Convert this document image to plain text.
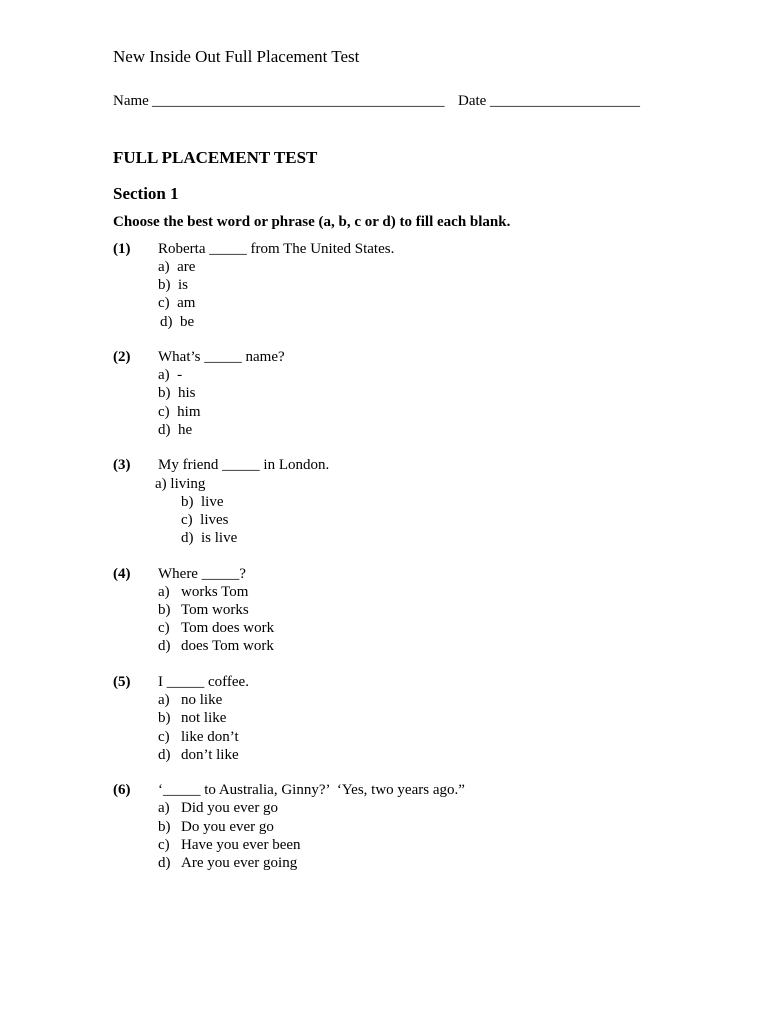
New Inside Out Full Placement Test
Name _______________________________________ Date ____________________
FULL PLACEMENT TEST
Section 1
Choose the best word or phrase (a, b, c or d) to fill each blank.
(1) Roberta _____ from The United States.
a)  are
b)  is
c)  am
d)  be
(2) What’s _____ name?
a)  -
b)  his
c)  him
d)  he
(3) My friend _____ in London.
a) living
b)  live
c)  lives
d)  is live
(4) Where _____?
a) works Tom
b) Tom works
c) Tom does work
d) does Tom work
(5) I _____ coffee.
a) no like
b) not like
c) like don’t
d) don’t like
(6) ‘_____ to Australia, Ginny?’  ‘Yes, two years ago.”
a) Did you ever go
b) Do you ever go
c) Have you ever been
d) Are you ever going
